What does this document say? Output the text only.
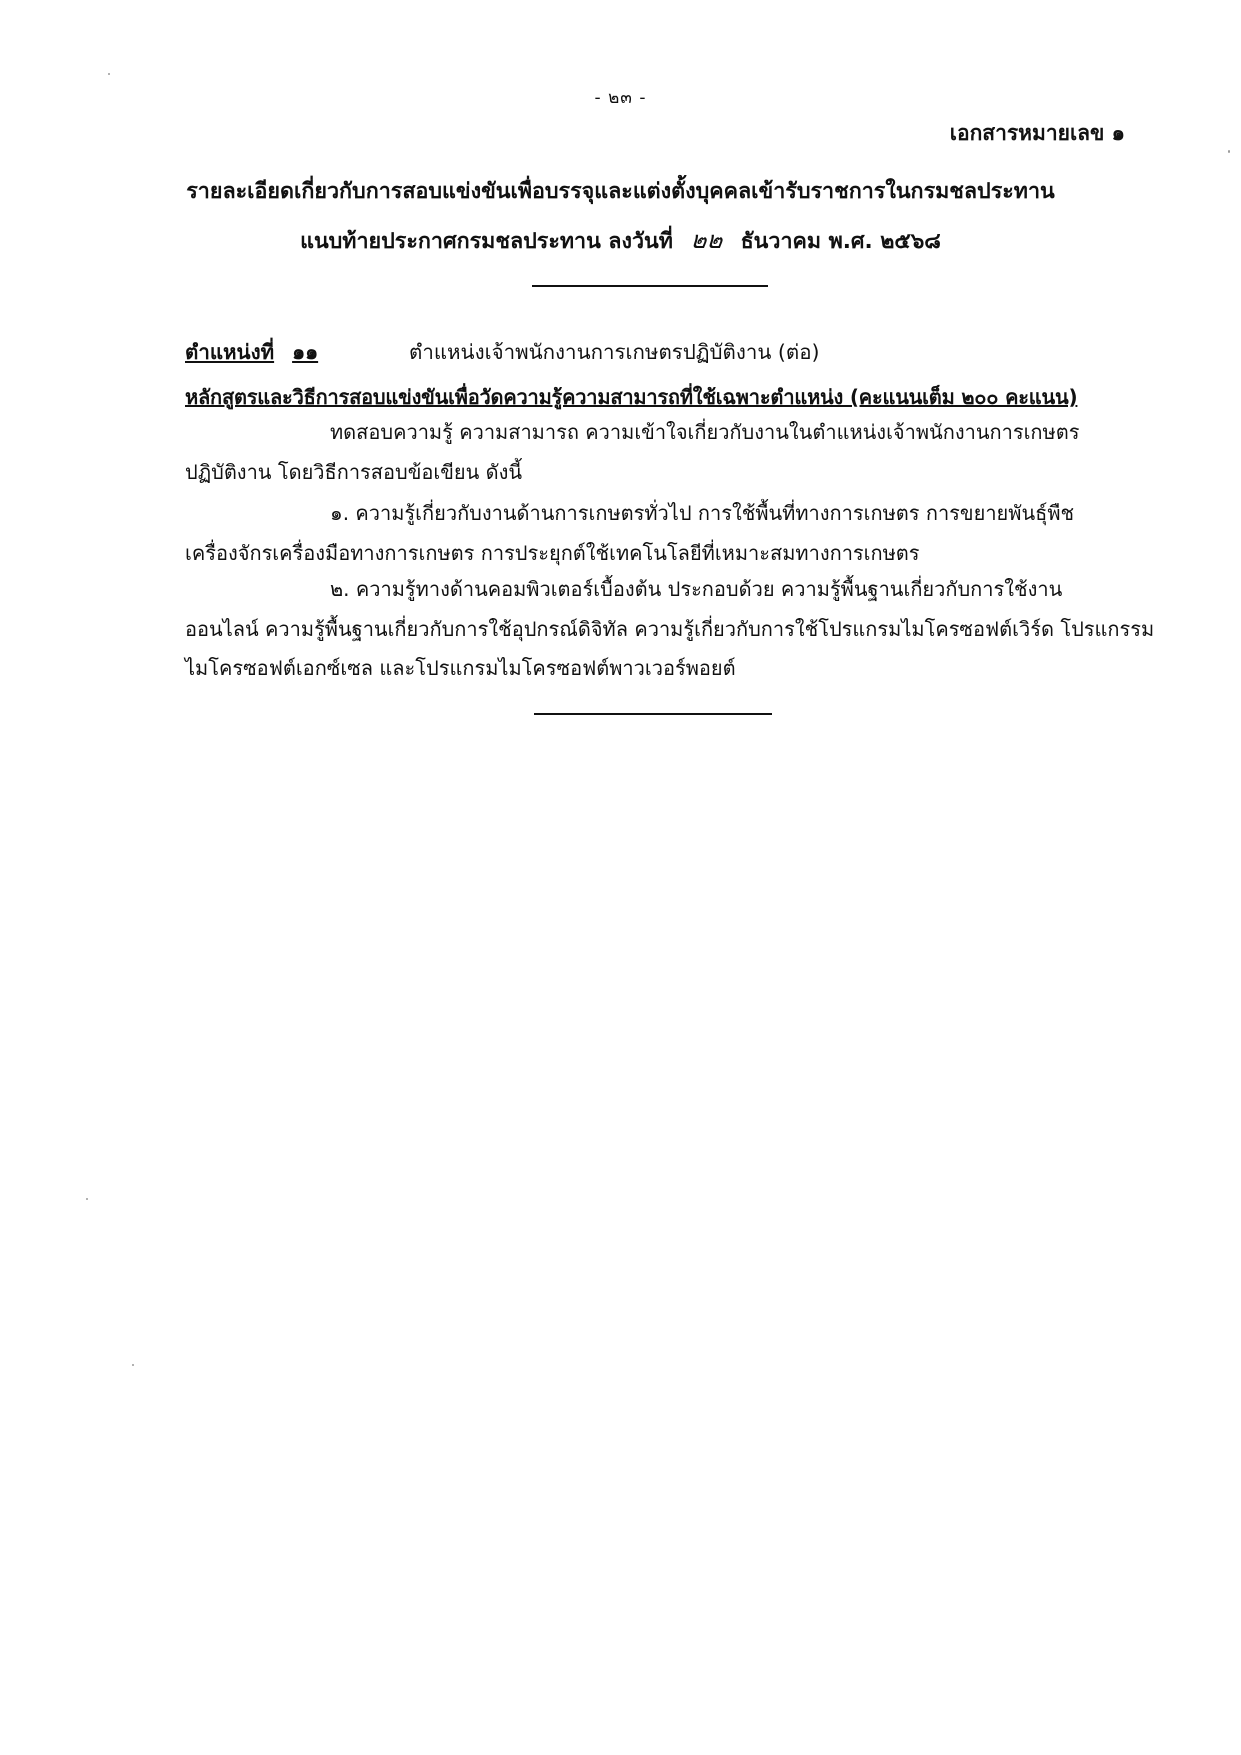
- ๒๓ -
เอกสารหมายเลข ๑
รายละเอียดเกี่ยวกับการสอบแข่งขันเพื่อบรรจุและแต่งตั้งบุคคลเข้ารับราชการในกรมชลประทาน
แนบท้ายประกาศกรมชลประทาน ลงวันที่ ๒๒ ธันวาคม พ.ศ. ๒๕๖๘
ตำแหน่งที่ ๑๑	ตำแหน่งเจ้าพนักงานการเกษตรปฏิบัติงาน (ต่อ)
หลักสูตรและวิธีการสอบแข่งขันเพื่อวัดความรู้ความสามารถที่ใช้เฉพาะตำแหน่ง (คะแนนเต็ม ๒๐๐ คะแนน)
ทดสอบความรู้ ความสามารถ ความเข้าใจเกี่ยวกับงานในตำแหน่งเจ้าพนักงานการเกษตร
ปฏิบัติงาน โดยวิธีการสอบข้อเขียน ดังนี้
๑. ความรู้เกี่ยวกับงานด้านการเกษตรทั่วไป การใช้พื้นที่ทางการเกษตร การขยายพันธุ์พืช
เครื่องจักรเครื่องมือทางการเกษตร การประยุกต์ใช้เทคโนโลยีที่เหมาะสมทางการเกษตร
๒. ความรู้ทางด้านคอมพิวเตอร์เบื้องต้น ประกอบด้วย ความรู้พื้นฐานเกี่ยวกับการใช้งาน
ออนไลน์ ความรู้พื้นฐานเกี่ยวกับการใช้อุปกรณ์ดิจิทัล ความรู้เกี่ยวกับการใช้โปรแกรมไมโครซอฟต์เวิร์ด โปรแกรรม
ไมโครซอฟต์เอกซ์เซล และโปรแกรมไมโครซอฟต์พาวเวอร์พอยต์
